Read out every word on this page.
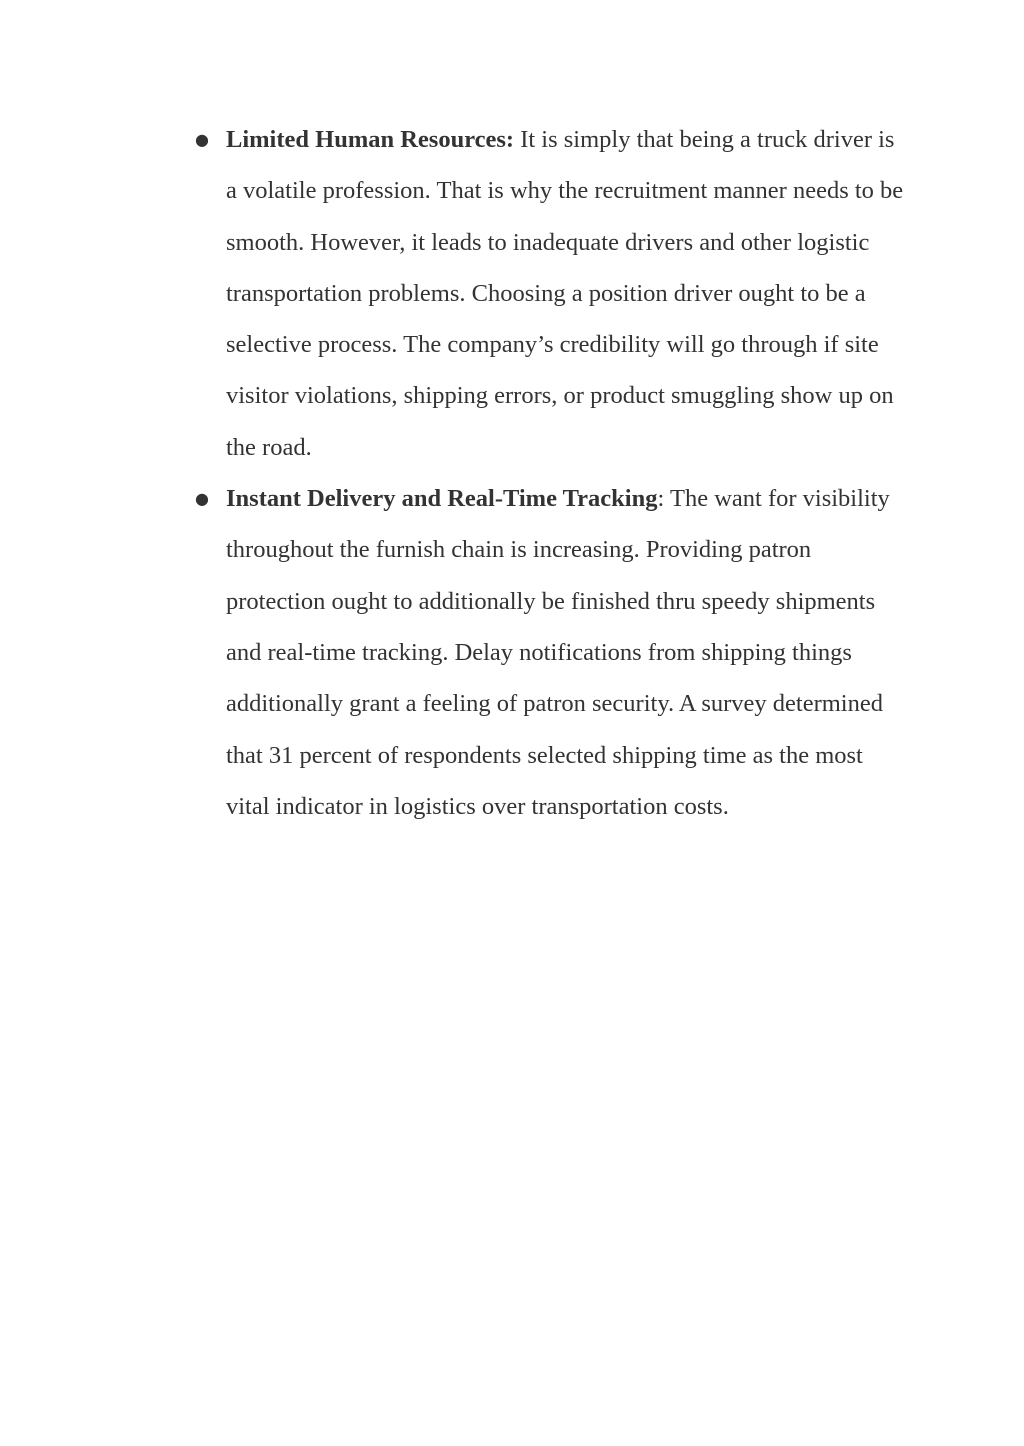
● Limited Human Resources: It is simply that being a truck driver is a volatile profession. That is why the recruitment manner needs to be smooth. However, it leads to inadequate drivers and other logistic transportation problems. Choosing a position driver ought to be a selective process. The company’s credibility will go through if site visitor violations, shipping errors, or product smuggling show up on the road.
● Instant Delivery and Real-Time Tracking: The want for visibility throughout the furnish chain is increasing. Providing patron protection ought to additionally be finished thru speedy shipments and real-time tracking. Delay notifications from shipping things additionally grant a feeling of patron security. A survey determined that 31 percent of respondents selected shipping time as the most vital indicator in logistics over transportation costs.
